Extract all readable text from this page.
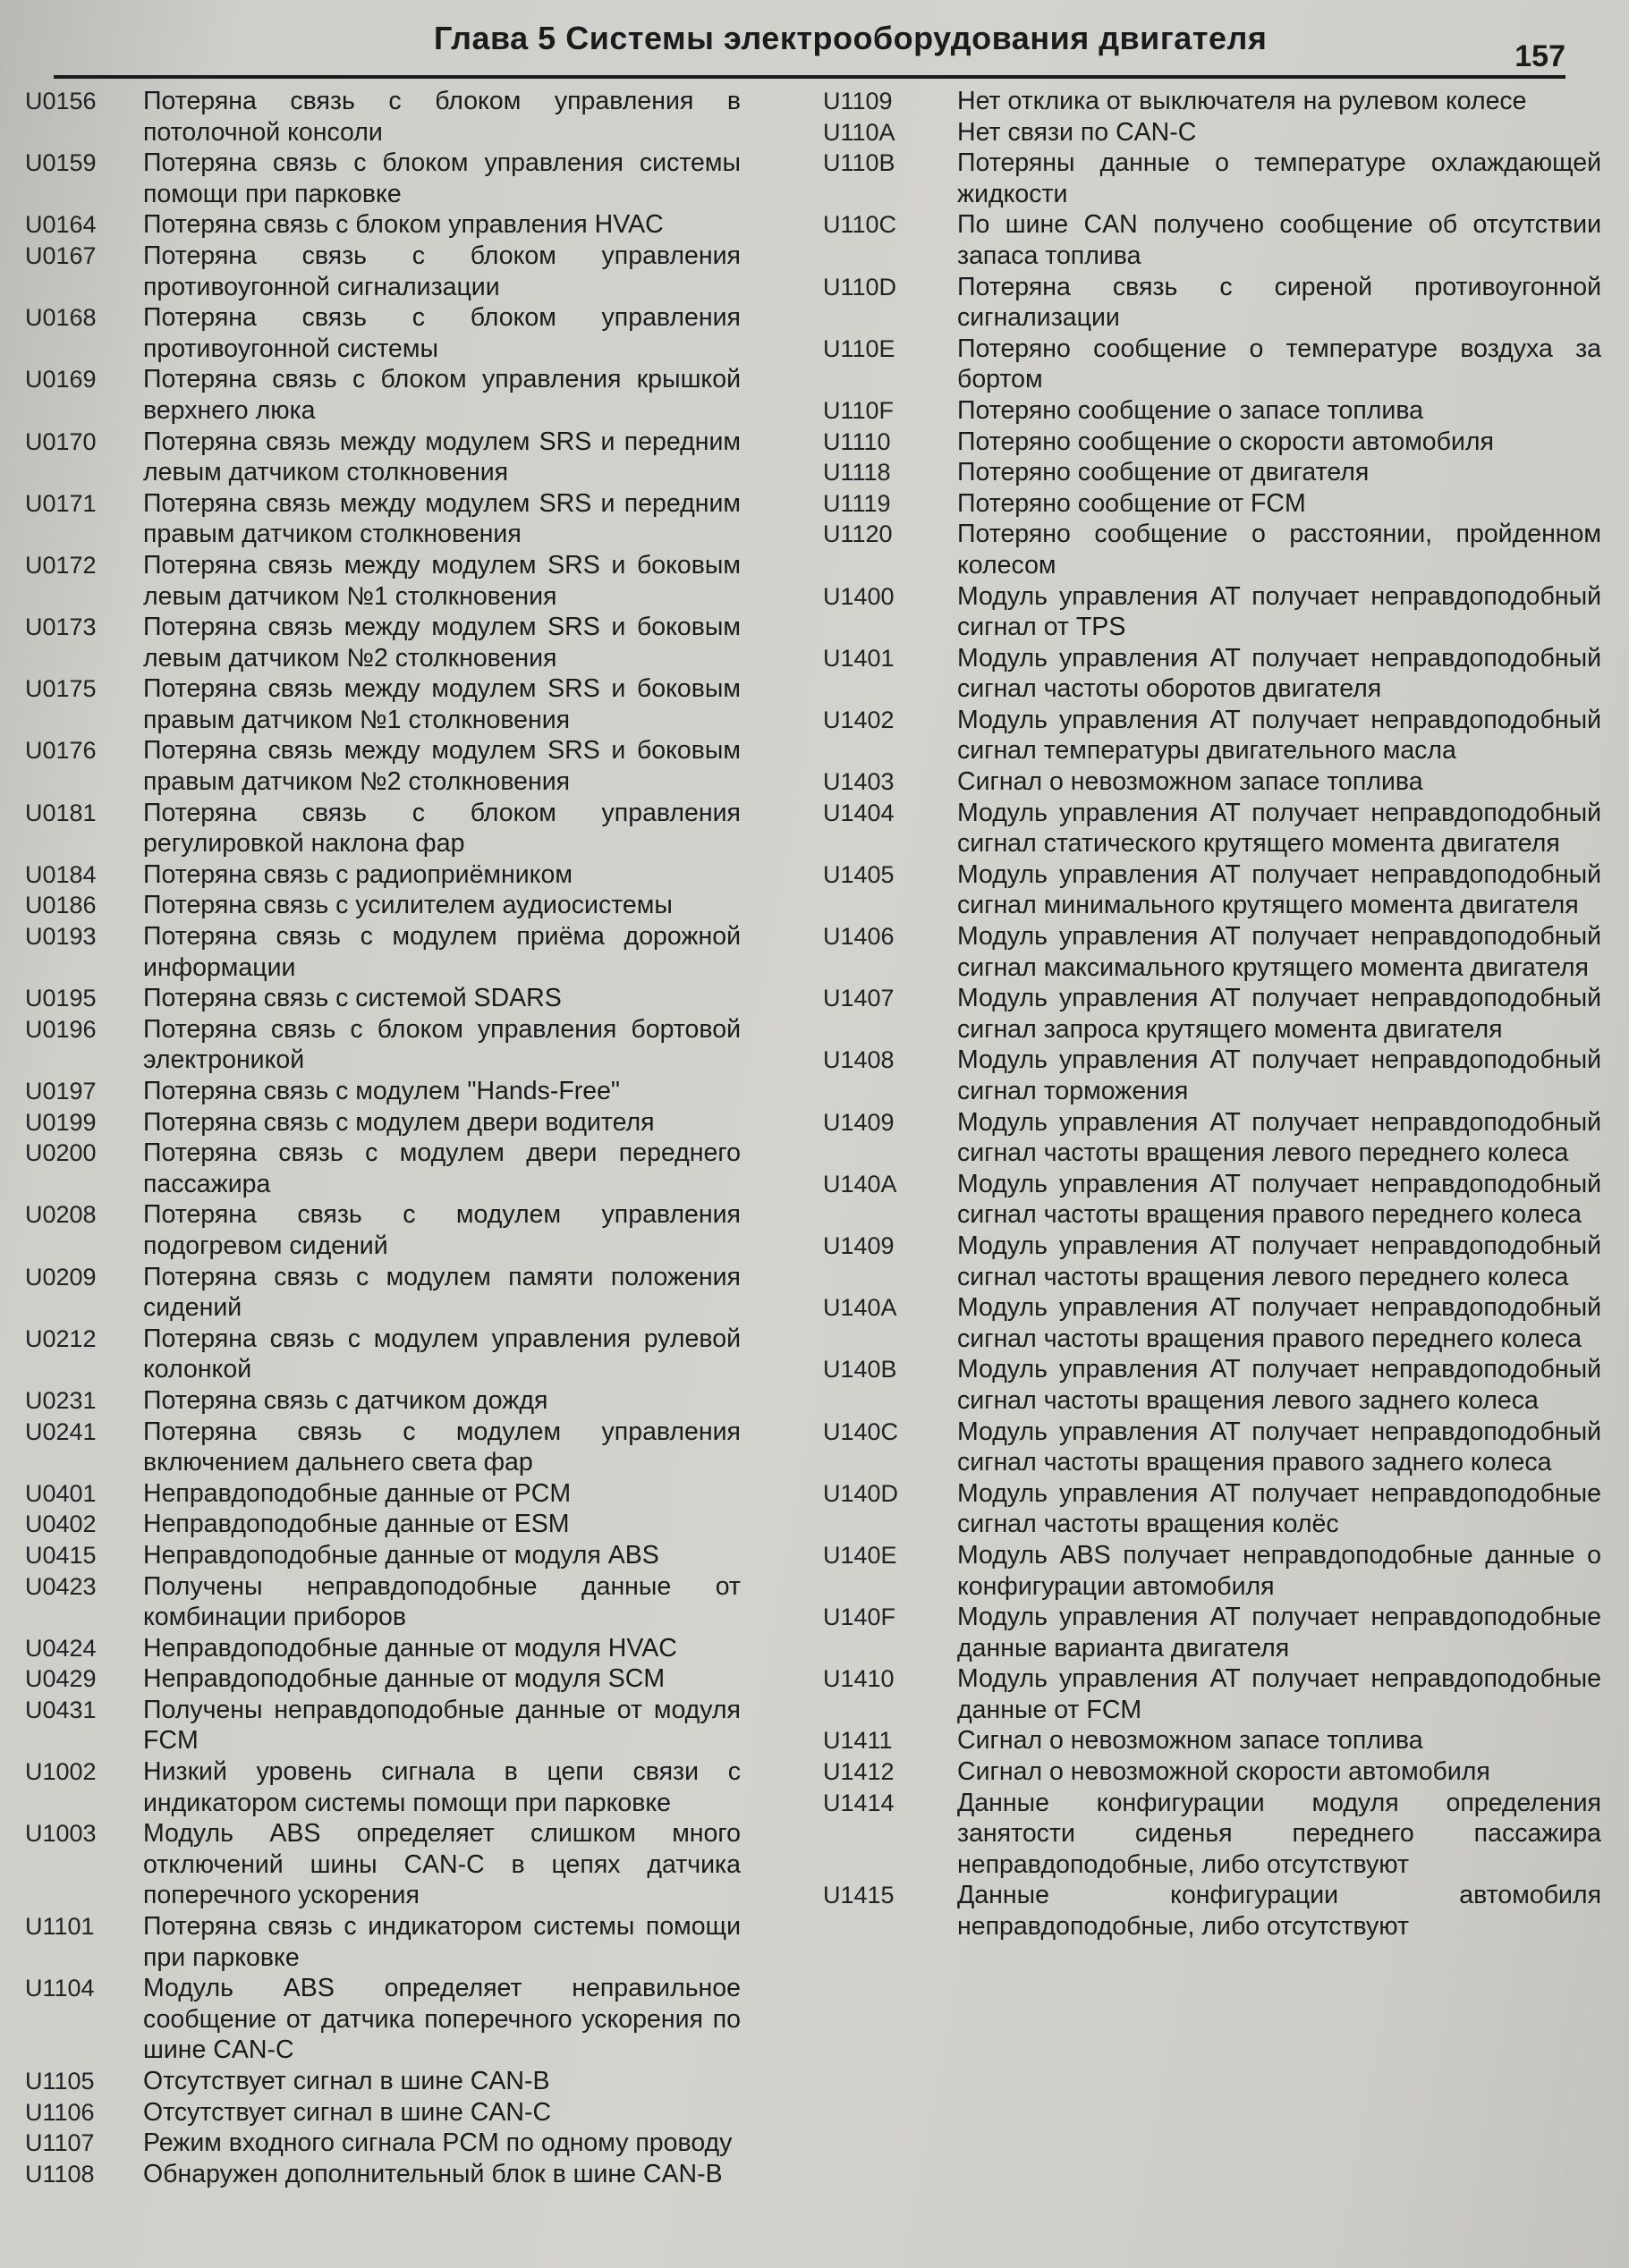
Глава 5 Системы электрооборудования двигателя	157
U0156	Потеряна связь с блоком управления в потолочной консоли
U0159	Потеряна связь с блоком управления системы помощи при парковке
U0164	Потеряна связь с блоком управления HVAC
U0167	Потеряна связь с блоком управления противоугонной сигнализации
U0168	Потеряна связь с блоком управления противоугонной системы
U0169	Потеряна связь с блоком управления крышкой верхнего люка
U0170	Потеряна связь между модулем SRS и передним левым датчиком столкновения
U0171	Потеряна связь между модулем SRS и передним правым датчиком столкновения
U0172	Потеряна связь между модулем SRS и боковым левым датчиком №1 столкновения
U0173	Потеряна связь между модулем SRS и боковым левым датчиком №2 столкновения
U0175	Потеряна связь между модулем SRS и боковым правым датчиком №1 столкновения
U0176	Потеряна связь между модулем SRS и боковым правым датчиком №2 столкновения
U0181	Потеряна связь с блоком управления регулировкой наклона фар
U0184	Потеряна связь с радиоприёмником
U0186	Потеряна связь с усилителем аудиосистемы
U0193	Потеряна связь с модулем приёма дорожной информации
U0195	Потеряна связь с системой SDARS
U0196	Потеряна связь с блоком управления бортовой электроникой
U0197	Потеряна связь с модулем "Hands-Free"
U0199	Потеряна связь с модулем двери водителя
U0200	Потеряна связь с модулем двери переднего пассажира
U0208	Потеряна связь с модулем управления подогревом сидений
U0209	Потеряна связь с модулем памяти положения сидений
U0212	Потеряна связь с модулем управления рулевой колонкой
U0231	Потеряна связь с датчиком дождя
U0241	Потеряна связь с модулем управления включением дальнего света фар
U0401	Неправдоподобные данные от PCM
U0402	Неправдоподобные данные от ESM
U0415	Неправдоподобные данные от модуля ABS
U0423	Получены неправдоподобные данные от комбинации приборов
U0424	Неправдоподобные данные от модуля HVAC
U0429	Неправдоподобные данные от модуля SCM
U0431	Получены неправдоподобные данные от модуля FCM
U1002	Низкий уровень сигнала в цепи связи с индикатором системы помощи при парковке
U1003	Модуль ABS определяет слишком много отключений шины CAN-C в цепях датчика поперечного ускорения
U1101	Потеряна связь с индикатором системы помощи при парковке
U1104	Модуль ABS определяет неправильное сообщение от датчика поперечного ускорения по шине CAN-C
U1105	Отсутствует сигнал в шине CAN-B
U1106	Отсутствует сигнал в шине CAN-C
U1107	Режим входного сигнала PCM по одному проводу
U1108	Обнаружен дополнительный блок в шине CAN-B
U1109	Нет отклика от выключателя на рулевом колесе
U110A	Нет связи по CAN-C
U110B	Потеряны данные о температуре охлаждающей жидкости
U110C	По шине CAN получено сообщение об отсутствии запаса топлива
U110D	Потеряна связь с сиреной противоугонной сигнализации
U110E	Потеряно сообщение о температуре воздуха за бортом
U110F	Потеряно сообщение о запасе топлива
U1110	Потеряно сообщение о скорости автомобиля
U1118	Потеряно сообщение от двигателя
U1119	Потеряно сообщение от FCM
U1120	Потеряно сообщение о расстоянии, пройденном колесом
U1400	Модуль управления AT получает неправдоподобный сигнал от TPS
U1401	Модуль управления AT получает неправдоподобный сигнал частоты оборотов двигателя
U1402	Модуль управления AT получает неправдоподобный сигнал температуры двигательного масла
U1403	Сигнал о невозможном запасе топлива
U1404	Модуль управления AT получает неправдоподобный сигнал статического крутящего момента двигателя
U1405	Модуль управления AT получает неправдоподобный сигнал минимального крутящего момента двигателя
U1406	Модуль управления AT получает неправдоподобный сигнал максимального крутящего момента двигателя
U1407	Модуль управления AT получает неправдоподобный сигнал запроса крутящего момента двигателя
U1408	Модуль управления AT получает неправдоподобный сигнал торможения
U1409	Модуль управления AT получает неправдоподобный сигнал частоты вращения левого переднего колеса
U140A	Модуль управления AT получает неправдоподобный сигнал частоты вращения правого переднего колеса
U1409	Модуль управления AT получает неправдоподобный сигнал частоты вращения левого переднего колеса
U140A	Модуль управления AT получает неправдоподобный сигнал частоты вращения правого переднего колеса
U140B	Модуль управления AT получает неправдоподобный сигнал частоты вращения левого заднего колеса
U140C	Модуль управления AT получает неправдоподобный сигнал частоты вращения правого заднего колеса
U140D	Модуль управления AT получает неправдоподобные сигнал частоты вращения колёс
U140E	Модуль ABS получает неправдоподобные данные о конфигурации автомобиля
U140F	Модуль управления AT получает неправдоподобные данные варианта двигателя
U1410	Модуль управления AT получает неправдоподобные данные от FCM
U1411	Сигнал о невозможном запасе топлива
U1412	Сигнал о невозможной скорости автомобиля
U1414	Данные конфигурации модуля определения занятости сиденья переднего пассажира неправдоподобные, либо отсутствуют
U1415	Данные конфигурации автомобиля неправдоподобные, либо отсутствуют
